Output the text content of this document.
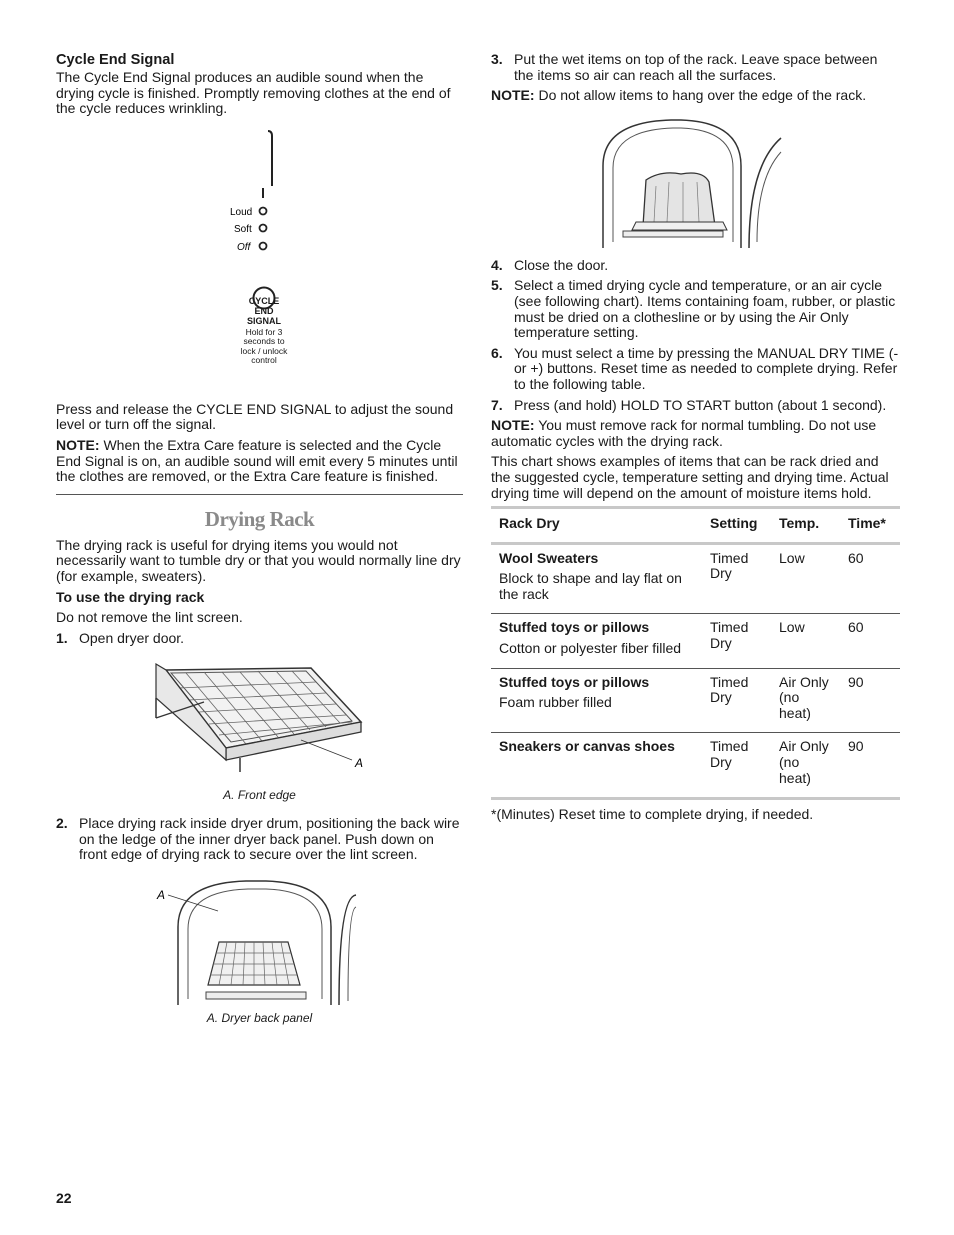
Cycle End Signal

The Cycle End Signal produces an audible sound when the drying cycle is finished. Promptly removing clothes at the end of the cycle reduces wrinkling.

Loud
Soft
Off
CYCLE
END
SIGNAL
Hold for 3
seconds to
lock / unlock
control

Press and release the CYCLE END SIGNAL to adjust the sound level or turn off the signal.

NOTE: When the Extra Care feature is selected and the Cycle End Signal is on, an audible sound will emit every 5 minutes until the clothes are removed, or the Extra Care feature is finished.

Drying Rack

The drying rack is useful for drying items you would not necessarily want to tumble dry or that you would normally line dry (for example, sweaters).

To use the drying rack

Do not remove the lint screen.

1. Open dryer door.
A
A. Front edge
2. Place drying rack inside dryer drum, positioning the back wire on the ledge of the inner dryer back panel. Push down on front edge of drying rack to secure over the lint screen.
A
A. Dryer back panel
3. Put the wet items on top of the rack. Leave space between the items so air can reach all the surfaces.

NOTE: Do not allow items to hang over the edge of the rack.

4. Close the door.
5. Select a timed drying cycle and temperature, or an air cycle (see following chart). Items containing foam, rubber, or plastic must be dried on a clothesline or by using the Air Only temperature setting.
6. You must select a time by pressing the MANUAL DRY TIME (- or +) buttons. Reset time as needed to complete drying. Refer to the following table.
7. Press (and hold) HOLD TO START button (about 1 second).

NOTE: You must remove rack for normal tumbling. Do not use automatic cycles with the drying rack.

This chart shows examples of items that can be rack dried and the suggested cycle, temperature setting and drying time. Actual drying time will depend on the amount of moisture items hold.

Rack Dry	Setting	Temp.	Time*

Wool Sweaters
Block to shape and lay flat on the rack	Timed Dry	Low	60

Stuffed toys or pillows
Cotton or polyester fiber filled	Timed Dry	Low	60

Stuffed toys or pillows
Foam rubber filled	Timed Dry	Air Only (no heat)	90

Sneakers or canvas shoes	Timed Dry	Air Only (no heat)	90

*(Minutes) Reset time to complete drying, if needed.

22
